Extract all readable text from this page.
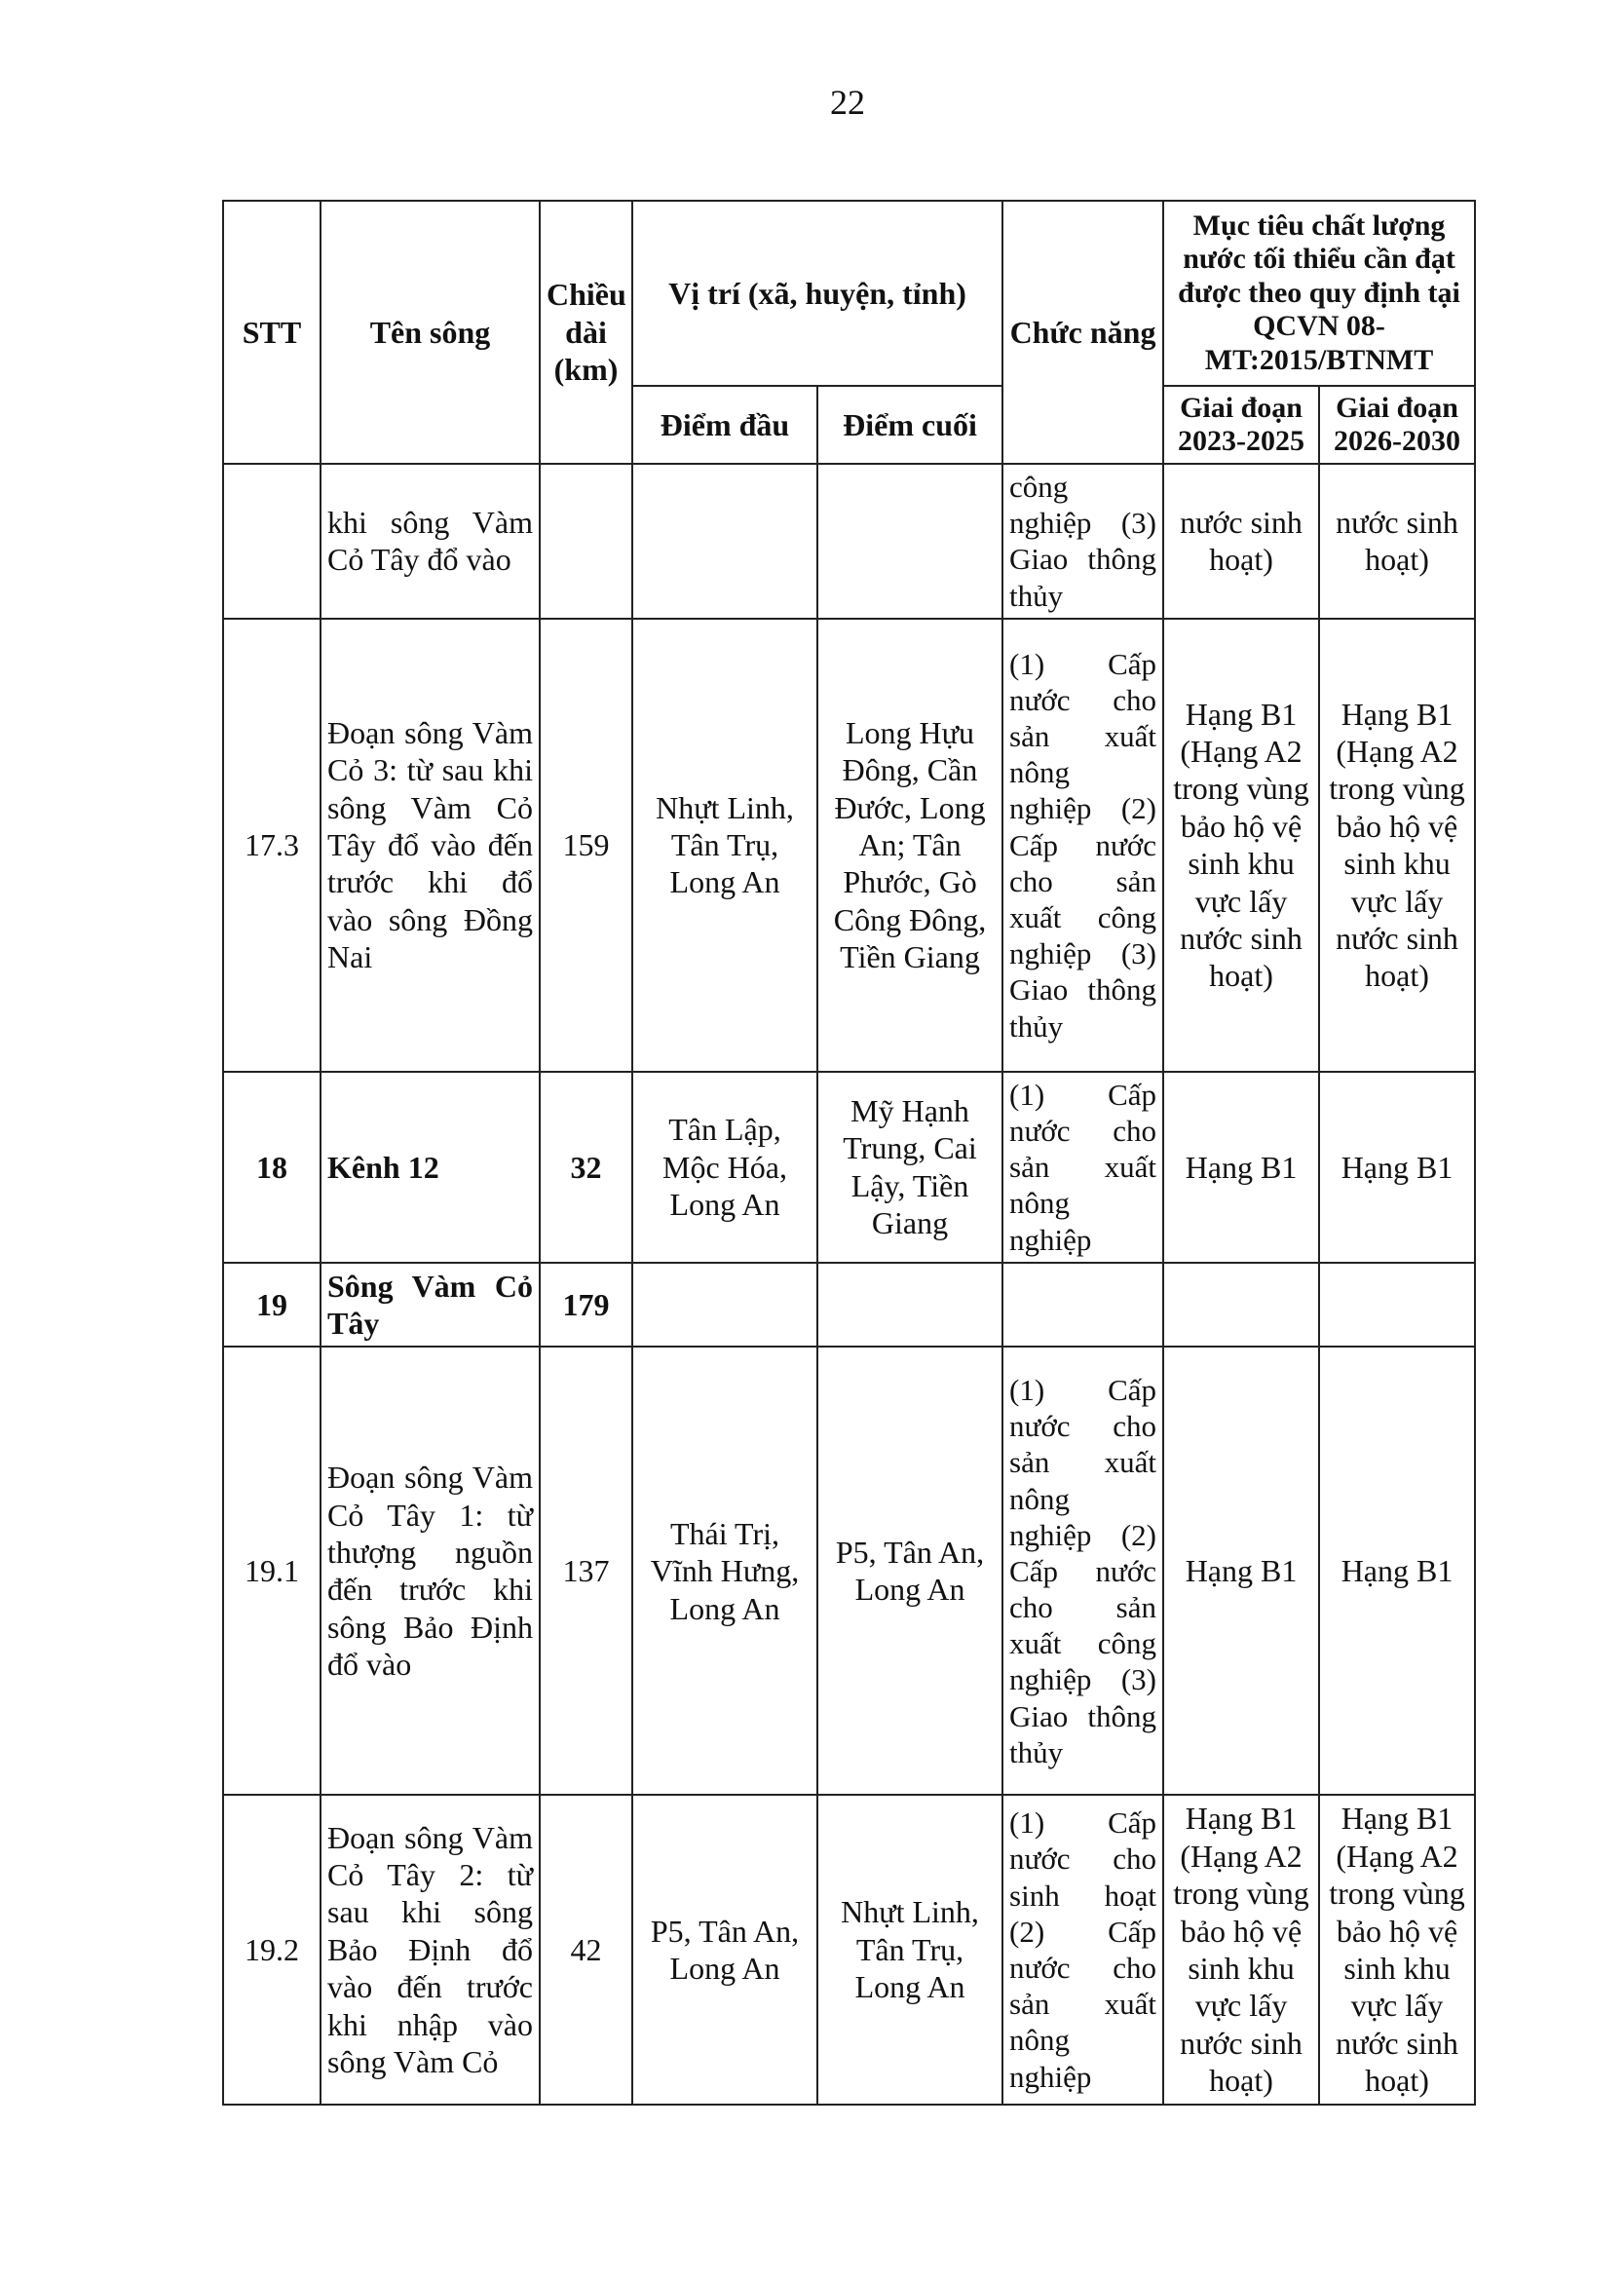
22
STT	Tên sông	Chiều dài (km)	Vị trí (xã, huyện, tỉnh)		Chức năng	Mục tiêu chất lượng nước tối thiểu cần đạt được theo quy định tại QCVN 08-MT:2015/BTNMT	
			Điểm đầu	Điểm cuối		Giai đoạn 2023-2025	Giai đoạn 2026-2030
	khi sông Vàm Cỏ Tây đổ vào				công nghiệp (3) Giao thông thủy	nước sinh hoạt)	nước sinh hoạt)
17.3	Đoạn sông Vàm Cỏ 3: từ sau khi sông Vàm Cỏ Tây đổ vào đến trước khi đổ vào sông Đồng Nai	159	Nhựt Linh, Tân Trụ, Long An	Long Hựu Đông, Cần Đước, Long An; Tân Phước, Gò Công Đông, Tiền Giang	(1) Cấp nước cho sản xuất nông nghiệp (2) Cấp nước cho sản xuất công nghiệp (3) Giao thông thủy	Hạng B1 (Hạng A2 trong vùng bảo hộ vệ sinh khu vực lấy nước sinh hoạt)	Hạng B1 (Hạng A2 trong vùng bảo hộ vệ sinh khu vực lấy nước sinh hoạt)
18	Kênh 12	32	Tân Lập, Mộc Hóa, Long An	Mỹ Hạnh Trung, Cai Lậy, Tiền Giang	(1) Cấp nước cho sản xuất nông nghiệp	Hạng B1	Hạng B1
19	Sông Vàm Cỏ Tây	179					
19.1	Đoạn sông Vàm Cỏ Tây 1: từ thượng nguồn đến trước khi sông Bảo Định đổ vào	137	Thái Trị, Vĩnh Hưng, Long An	P5, Tân An, Long An	(1) Cấp nước cho sản xuất nông nghiệp (2) Cấp nước cho sản xuất công nghiệp (3) Giao thông thủy	Hạng B1	Hạng B1
19.2	Đoạn sông Vàm Cỏ Tây 2: từ sau khi sông Bảo Định đổ vào đến trước khi nhập vào sông Vàm Cỏ	42	P5, Tân An, Long An	Nhựt Linh, Tân Trụ, Long An	(1) Cấp nước cho sinh hoạt (2) Cấp nước cho sản xuất nông nghiệp	Hạng B1 (Hạng A2 trong vùng bảo hộ vệ sinh khu vực lấy nước sinh hoạt)	Hạng B1 (Hạng A2 trong vùng bảo hộ vệ sinh khu vực lấy nước sinh hoạt)
